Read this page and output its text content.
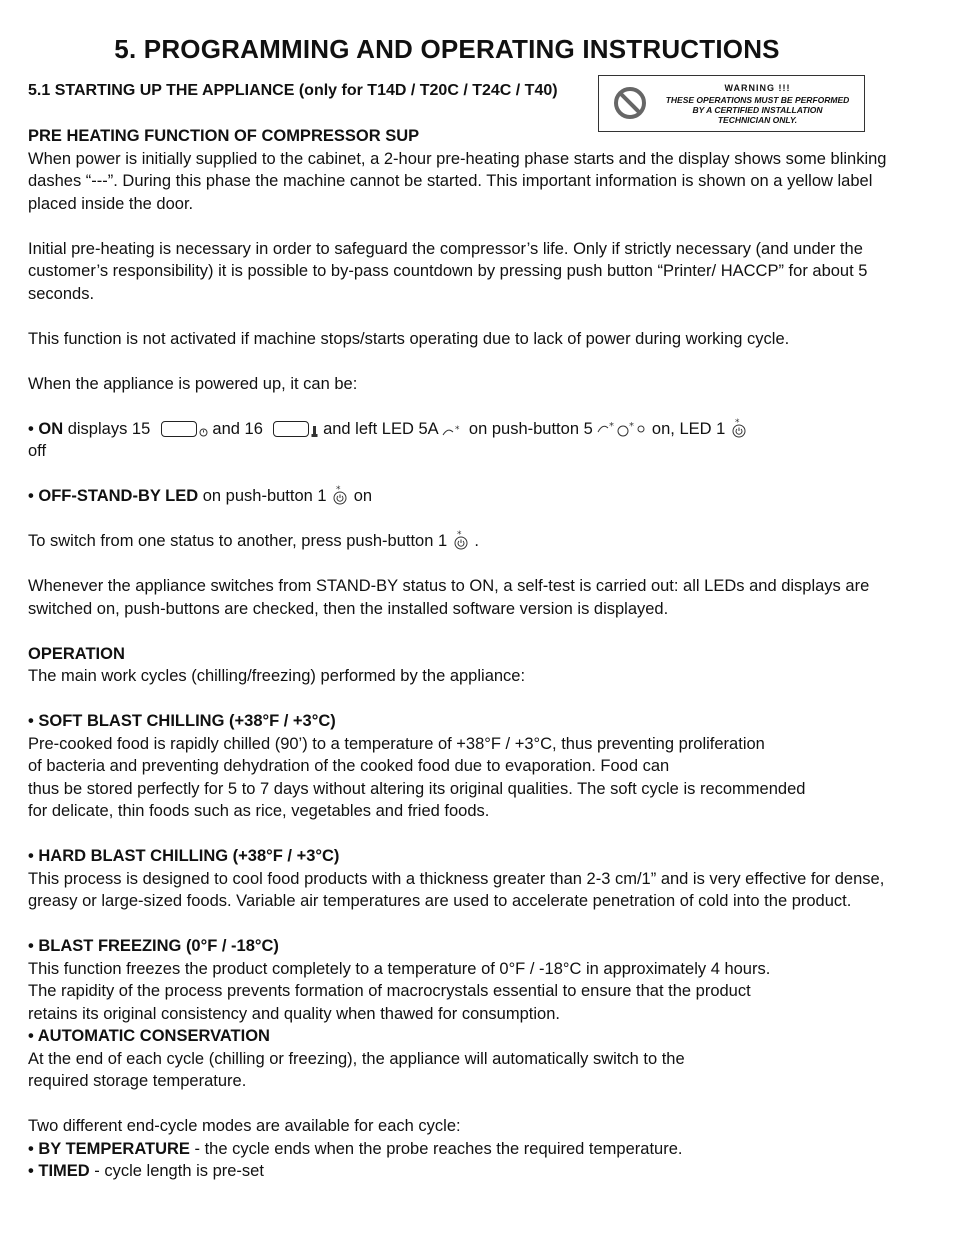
5. PROGRAMMING AND OPERATING INSTRUCTIONS
5.1 STARTING UP THE APPLIANCE (only for T14D / T20C / T24C / T40)	WARNING !!!
THESE OPERATIONS MUST BE PERFORMED
BY A CERTIFIED INSTALLATION
TECHNICIAN ONLY.

PRE HEATING FUNCTION OF COMPRESSOR SUP

When power is initially supplied to the cabinet, a 2-hour pre-heating phase starts and the display shows some blinking dashes “---”. During this phase the machine cannot be started. This important information is shown on a yellow label placed inside the door.

Initial pre-heating is necessary in order to safeguard the compressor’s life. Only if strictly necessary (and under the customer’s responsibility) it is possible to by-pass countdown by pressing push button “Printer/ HACCP” for about 5 seconds.

This function is not activated if machine stops/starts operating due to lack of power during working cycle.

When the appliance is powered up, it can be:

• ON displays 15	and 16	and left LED 5A * on push-button 5 * * on, LED 1 *

off

• OFF-STAND-BY LED on push-button 1 * on

To switch from one status to another, press push-button 1 * .

Whenever the appliance switches from STAND-BY status to ON, a self-test is carried out: all LEDs and displays are switched on, push-buttons are checked, then the installed software version is displayed.

OPERATION

The main work cycles (chilling/freezing) performed by the appliance:

• SOFT BLAST CHILLING (+38°F / +3°C)

Pre-cooked food is rapidly chilled (90’) to a temperature of +38°F / +3°C, thus preventing proliferation

of bacteria and preventing dehydration of the cooked food due to evaporation. Food can

thus be stored perfectly for 5 to 7 days without altering its original qualities. The soft cycle is recommended

for delicate, thin foods such as rice, vegetables and fried foods.

• HARD BLAST CHILLING (+38°F / +3°C)

This process is designed to cool food products with a thickness greater than 2-3 cm/1” and is very effective for dense, greasy or large-sized foods. Variable air temperatures are used to accelerate penetration of cold into the product.

• BLAST FREEZING (0°F / -18°C)

This function freezes the product completely to a temperature of 0°F / -18°C in approximately 4 hours.

The rapidity of the process prevents formation of macrocrystals essential to ensure that the product

retains its original consistency and quality when thawed for consumption.

• AUTOMATIC CONSERVATION

At the end of each cycle (chilling or freezing), the appliance will automatically switch to the

required storage temperature.

Two different end-cycle modes are available for each cycle:

• BY TEMPERATURE - the cycle ends when the probe reaches the required temperature.

• TIMED - cycle length is pre-set
